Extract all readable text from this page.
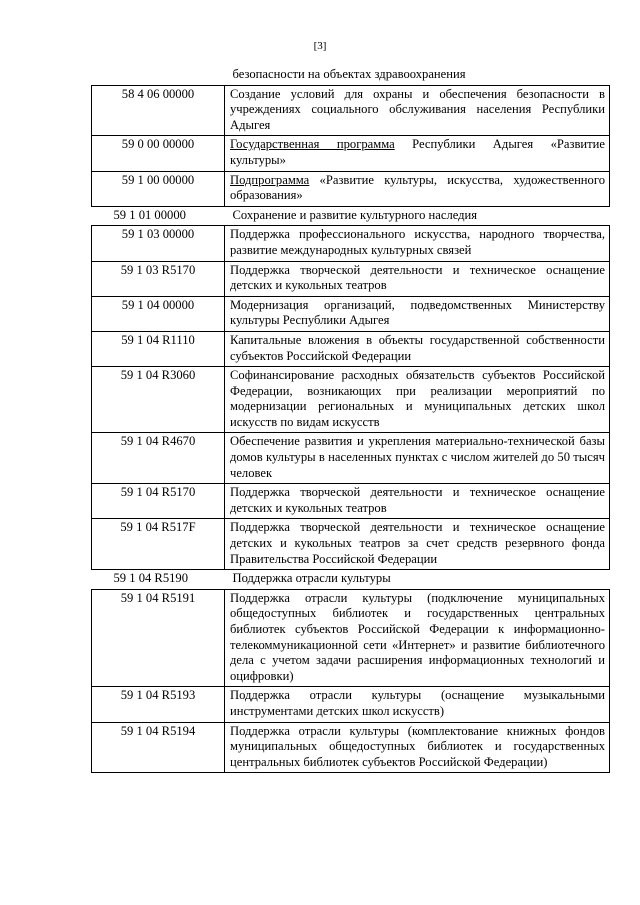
[3]
	безопасности на объектах здравоохранения
58 4 06 00000	Создание условий для охраны и обеспечения безопасности в учреждениях социального обслуживания населения Республики Адыгея
59 0 00 00000	Государственная программа Республики Адыгея «Развитие культуры»
59 1 00 00000	Подпрограмма «Развитие культуры, искусства, художественного образования»
59 1 01 00000	Сохранение и развитие культурного наследия
59 1 03 00000	Поддержка профессионального искусства, народного творчества, развитие международных культурных связей
59 1 03 R5170	Поддержка творческой деятельности и техническое оснащение детских и кукольных театров
59 1 04 00000	Модернизация организаций, подведомственных Министерству культуры Республики Адыгея
59 1 04 R1110	Капитальные вложения в объекты государственной собственности субъектов Российской Федерации
59 1 04 R3060	Софинансирование расходных обязательств субъектов Российской Федерации, возникающих при реализации мероприятий по модернизации региональных и муниципальных детских школ искусств по видам искусств
59 1 04 R4670	Обеспечение развития и укрепления материально-технической базы домов культуры в населенных пунктах с числом жителей до 50 тысяч человек
59 1 04 R5170	Поддержка творческой деятельности и техническое оснащение детских и кукольных театров
59 1 04 R517F	Поддержка творческой деятельности и техническое оснащение детских и кукольных театров за счет средств резервного фонда Правительства Российской Федерации
59 1 04 R5190	Поддержка отрасли культуры
59 1 04 R5191	Поддержка отрасли культуры (подключение муниципальных общедоступных библиотек и государственных центральных библиотек субъектов Российской Федерации к информационно-телекоммуникационной сети «Интернет» и развитие библиотечного дела с учетом задачи расширения информационных технологий и оцифровки)
59 1 04 R5193	Поддержка отрасли культуры (оснащение музыкальными инструментами детских школ искусств)
59 1 04 R5194	Поддержка отрасли культуры (комплектование книжных фондов муниципальных общедоступных библиотек и государственных центральных библиотек субъектов Российской Федерации)
